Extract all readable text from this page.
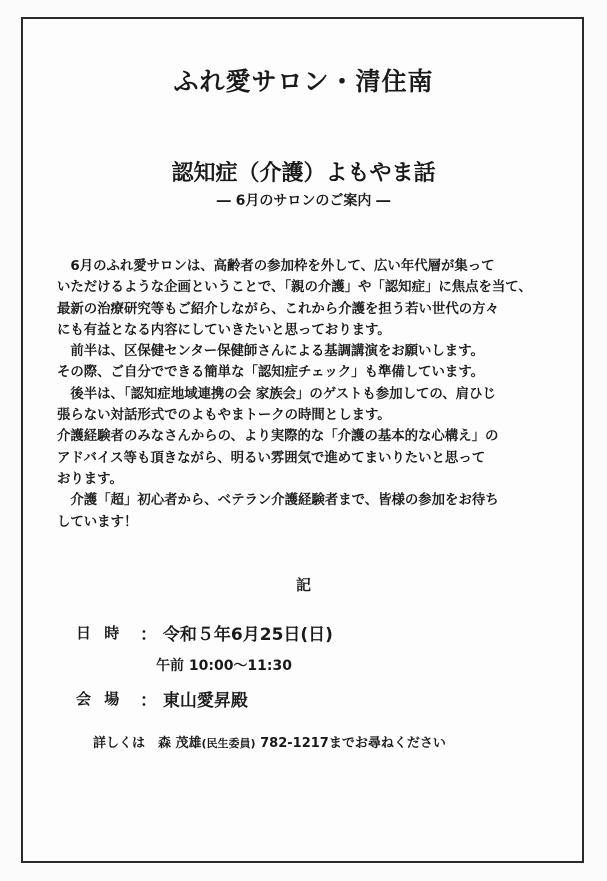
ふれ愛サロン・清住南
認知症（介護）よもやま話
― 6月のサロンのご案内 ―
　6月のふれ愛サロンは、高齢者の参加枠を外して、広い年代層が集って
いただけるような企画ということで、「親の介護」や「認知症」に焦点を当て、
最新の治療研究等もご紹介しながら、これから介護を担う若い世代の方々
にも有益となる内容にしていきたいと思っております。
　前半は、区保健センター保健師さんによる基調講演をお願いします。
その際、ご自分でできる簡単な「認知症チェック」も準備しています。
　後半は、「認知症地域連携の会 家族会」のゲストも参加しての、肩ひじ
張らない対話形式でのよもやまトークの時間とします。
介護経験者のみなさんからの、より実際的な「介護の基本的な心構え」の
アドバイス等も頂きながら、明るい雰囲気で進めてまいりたいと思って
おります。
　介護「超」初心者から、ベテラン介護経験者まで、皆様の参加をお待ち
しています！
記
日 時 ： 令和５年6月25日(日)
午前 10:00～11:30
会 場 ： 東山愛昇殿
詳しくは　森 茂雄(民生委員) 782-1217までお尋ねください
